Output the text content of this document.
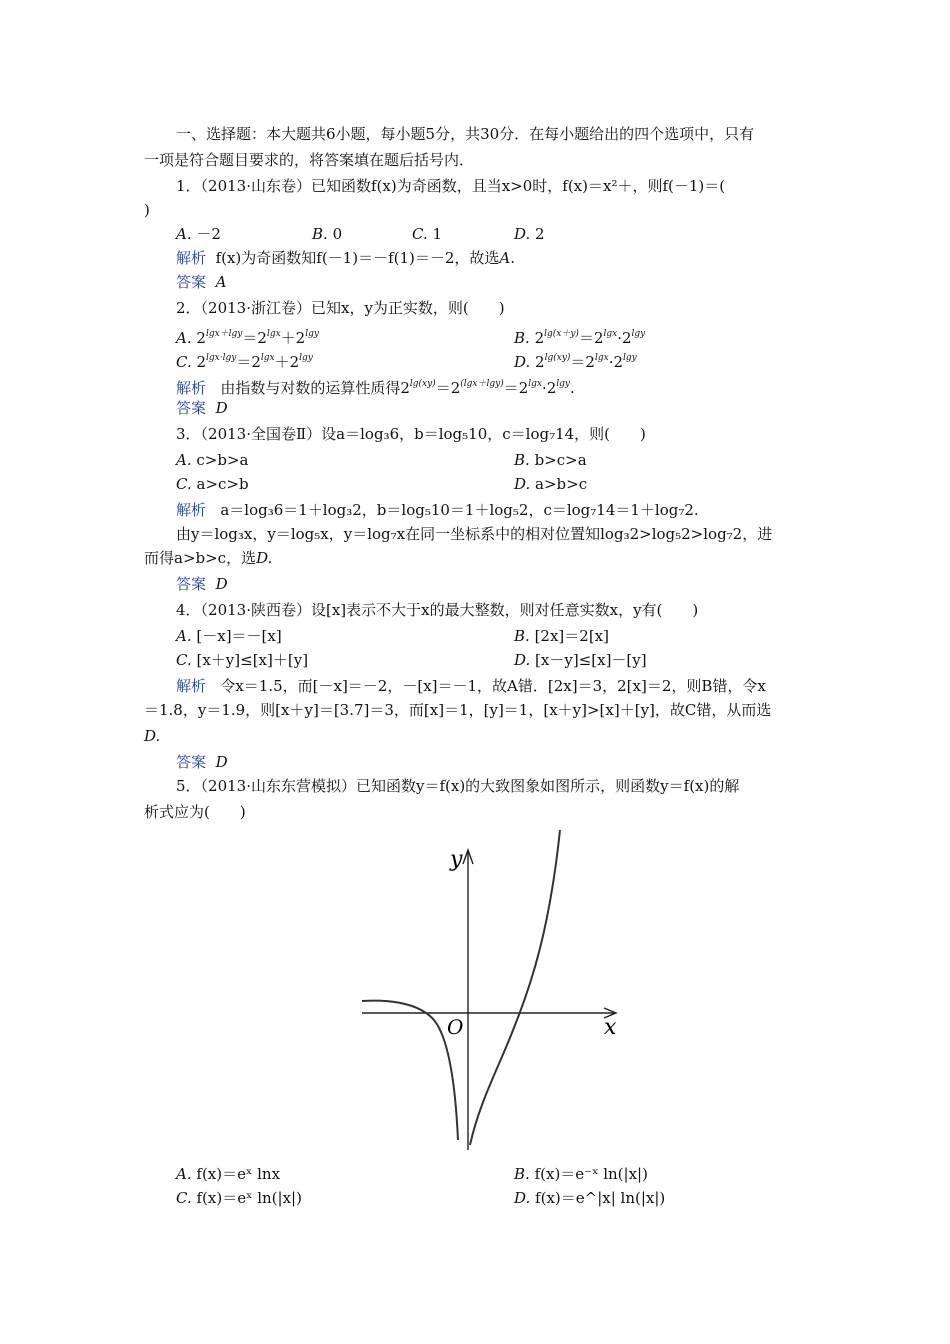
一、选择题：本大题共6小题，每小题5分，共30分．在每小题给出的四个选项中，只有
一项是符合题目要求的，将答案填在题后括号内．
1．（2013·山东卷）已知函数f(x)为奇函数，且当x>0时，f(x)＝x²＋，则f(－1)＝(
)
A. －2	B. 0	C. 1	D. 2
解析 f(x)为奇函数知f(－1)＝－f(1)＝－2，故选A.
答案 A
2．（2013·浙江卷）已知x，y为正实数，则(　　)
A. $2^{lgx+lgy}=2^{lgx}+2^{lgy}$	B. $2^{lg(x+y)}=2^{lgx}\cdot 2^{lgy}$
C. $2^{lgx\cdot lgy}=2^{lgx}+2^{lgy}$	D. $2^{lg(xy)}=2^{lgx}\cdot 2^{lgy}$
解析 由指数与对数的运算性质得$2^{lg(xy)}=2^{(lgx+lgy)}=2^{lgx}\cdot 2^{lgy}$.
答案 D
3．（2013·全国卷Ⅱ）设a＝log₃6，b＝log₅10，c＝log₇14，则(　　)
A. c>b>a	B. b>c>a
C. a>c>b	D. a>b>c
解析 a＝log₃6＝1＋log₃2，b＝log₅10＝1＋log₅2，c＝log₇14＝1＋log₇2.
由y＝log₃x，y＝log₅x，y＝log₇x在同一坐标系中的相对位置知log₃2>log₅2>log₇2，进
而得a>b>c，选D.
答案 D
4．（2013·陕西卷）设[x]表示不大于x的最大整数，则对任意实数x，y有(　　)
A. [－x]＝－[x]	B. [2x]＝2[x]
C. [x＋y]≤[x]＋[y]	D. [x－y]≤[x]－[y]
解析 令x＝1.5，而[－x]＝－2，－[x]＝－1，故A错．[2x]＝3，2[x]＝2，则B错，令x
＝1.8，y＝1.9，则[x＋y]＝[3.7]＝3，而[x]＝1，[y]＝1，[x＋y]>[x]＋[y]，故C错，从而选
D.
答案 D
5．（2013·山东东营模拟）已知函数y＝f(x)的大致图象如图所示，则函数y＝f(x)的解
析式应为(　　)
y
x
O
A. f(x)＝eˣ lnx	B. f(x)＝e⁻ˣ ln(|x|)
C. f(x)＝eˣ ln(|x|)	D. f(x)＝e^|x| ln(|x|)
